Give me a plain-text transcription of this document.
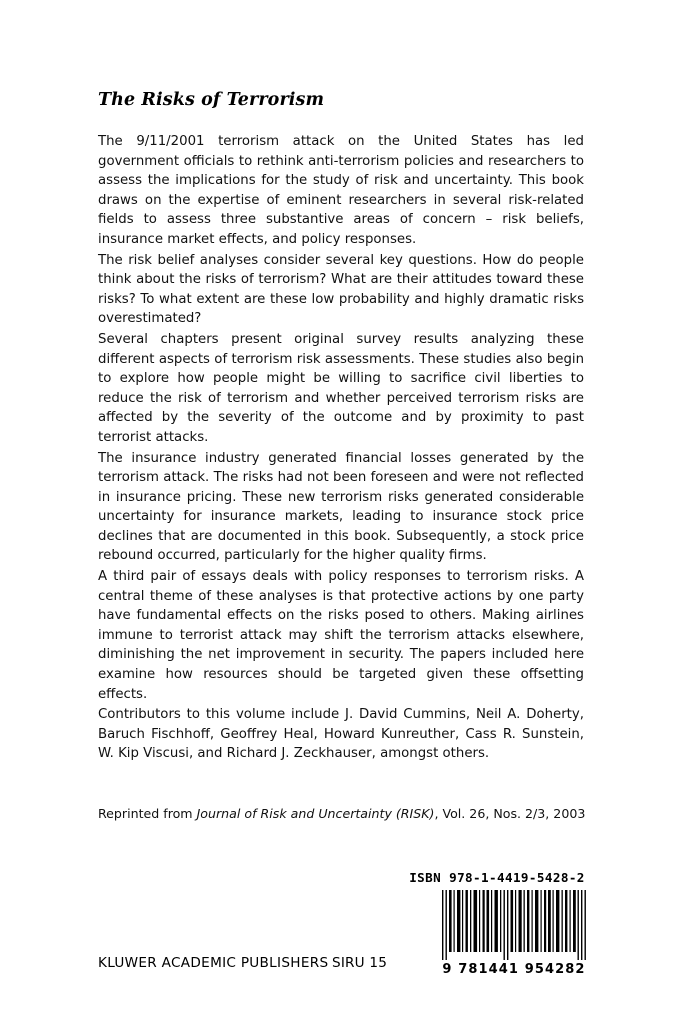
The Risks of Terrorism

The 9/11/2001 terrorism attack on the United States has led government officials to rethink anti-terrorism policies and researchers to assess the implications for the study of risk and uncertainty. This book draws on the expertise of eminent researchers in several risk-related fields to assess three substantive areas of concern – risk beliefs, insurance market effects, and policy responses.

The risk belief analyses consider several key questions. How do people think about the risks of terrorism? What are their attitudes toward these risks? To what extent are these low probability and highly dramatic risks overestimated?

Several chapters present original survey results analyzing these different aspects of terrorism risk assessments. These studies also begin to explore how people might be willing to sacrifice civil liberties to reduce the risk of terrorism and whether perceived terrorism risks are affected by the severity of the outcome and by proximity to past terrorist attacks.

The insurance industry generated financial losses generated by the terrorism attack. The risks had not been foreseen and were not reflected in insurance pricing. These new terrorism risks generated considerable uncertainty for insurance markets, leading to insurance stock price declines that are documented in this book. Subsequently, a stock price rebound occurred, particularly for the higher quality firms.

A third pair of essays deals with policy responses to terrorism risks. A central theme of these analyses is that protective actions by one party have fundamental effects on the risks posed to others. Making airlines immune to terrorist attack may shift the terrorism attacks elsewhere, diminishing the net improvement in security. The papers included here examine how resources should be targeted given these offsetting effects.

Contributors to this volume include J. David Cummins, Neil A. Doherty, Baruch Fischhoff, Geoffrey Heal, Howard Kunreuther, Cass R. Sunstein, W. Kip Viscusi, and Richard J. Zeckhauser, amongst others.

Reprinted from Journal of Risk and Uncertainty (RISK), Vol. 26, Nos. 2/3, 2003
ISBN 978-1-4419-5428-2
9 781441 954282
KLUWER ACADEMIC PUBLISHERS SIRU 15
